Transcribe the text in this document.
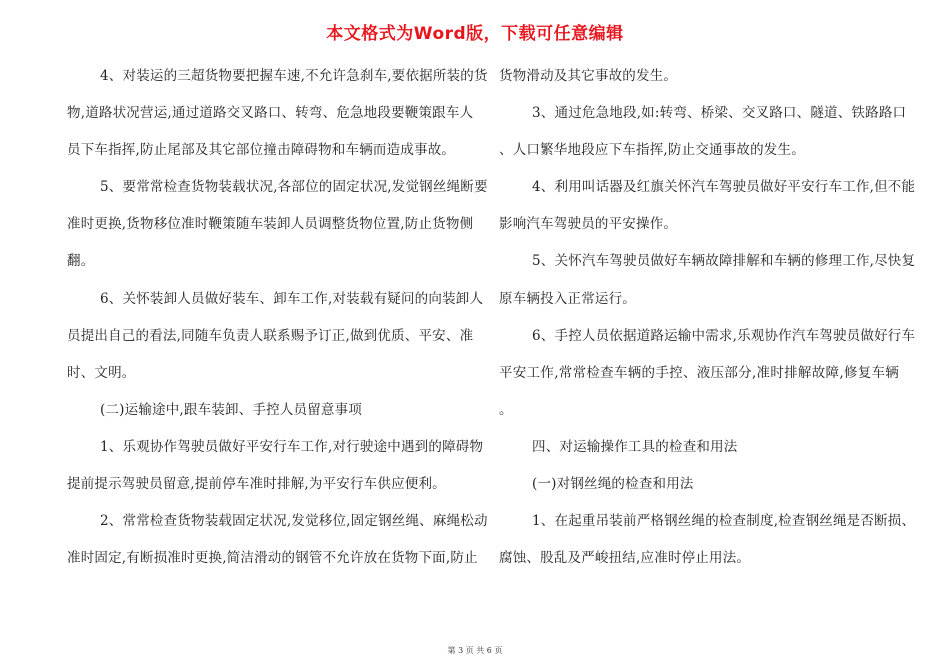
本文格式为Word版，下载可任意编辑
4、对装运的三超货物要把握车速,不允许急刹车,要依据所装的货
物,道路状况营运,通过道路交叉路口、转弯、危急地段要鞭策跟车人
员下车指挥,防止尾部及其它部位撞击障碍物和车辆而造成事故。
5、要常常检查货物装载状况,各部位的固定状况,发觉钢丝绳断要
准时更换,货物移位准时鞭策随车装卸人员调整货物位置,防止货物侧
翻。
6、关怀装卸人员做好装车、卸车工作,对装载有疑问的向装卸人
员提出自己的看法,同随车负责人联系赐予订正,做到优质、平安、准
时、文明。
(二)运输途中,跟车装卸、手控人员留意事项
1、乐观协作驾驶员做好平安行车工作,对行驶途中遇到的障碍物
提前提示驾驶员留意,提前停车准时排解,为平安行车供应便利。
2、常常检查货物装载固定状况,发觉移位,固定钢丝绳、麻绳松动
准时固定,有断损准时更换,简洁滑动的钢管不允许放在货物下面,防止
货物滑动及其它事故的发生。
3、通过危急地段,如:转弯、桥梁、交叉路口、隧道、铁路路口
、人口繁华地段应下车指挥,防止交通事故的发生。
4、利用叫话器及红旗关怀汽车驾驶员做好平安行车工作,但不能
影响汽车驾驶员的平安操作。
5、关怀汽车驾驶员做好车辆故障排解和车辆的修理工作,尽快复
原车辆投入正常运行。
6、手控人员依据道路运输中需求,乐观协作汽车驾驶员做好行车
平安工作,常常检查车辆的手控、液压部分,准时排解故障,修复车辆
。
四、对运输操作工具的检查和用法
(一)对钢丝绳的检查和用法
1、在起重吊装前严格钢丝绳的检查制度,检查钢丝绳是否断损、
腐蚀、股乱及严峻扭结,应准时停止用法。
第 3 页 共 6 页
